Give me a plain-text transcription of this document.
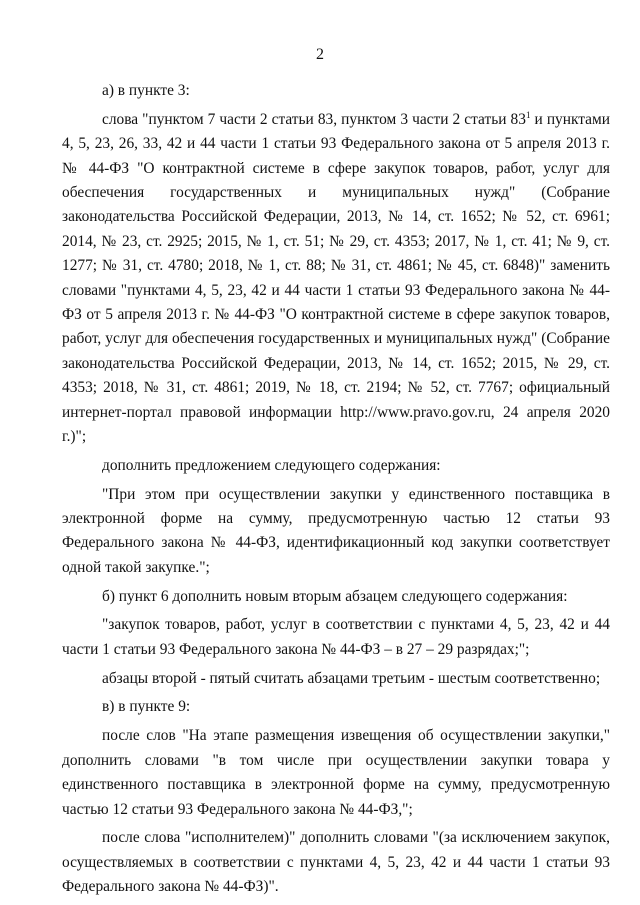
2

а) в пункте 3:

слова "пунктом 7 части 2 статьи 83, пунктом 3 части 2 статьи $83^1$ и пунктами 4, 5, 23, 26, 33, 42 и 44 части 1 статьи 93 Федерального закона от 5 апреля 2013 г. № 44-ФЗ "О контрактной системе в сфере закупок товаров, работ, услуг для обеспечения государственных и муниципальных нужд" (Собрание законодательства Российской Федерации, 2013, № 14, ст. 1652; № 52, ст. 6961; 2014, № 23, ст. 2925; 2015, № 1, ст. 51; № 29, ст. 4353; 2017, № 1, ст. 41; № 9, ст. 1277; № 31, ст. 4780; 2018, № 1, ст. 88; № 31, ст. 4861; № 45, ст. 6848)" заменить словами "пунктами 4, 5, 23, 42 и 44 части 1 статьи 93 Федерального закона № 44-ФЗ от 5 апреля 2013 г. № 44-ФЗ "О контрактной системе в сфере закупок товаров, работ, услуг для обеспечения государственных и муниципальных нужд" (Собрание законодательства Российской Федерации, 2013, № 14, ст. 1652; 2015, № 29, ст. 4353; 2018, № 31, ст. 4861; 2019, № 18, ст. 2194; № 52, ст. 7767; официальный интернет-портал правовой информации http://www.pravo.gov.ru, 24 апреля 2020 г.)";

дополнить предложением следующего содержания:

"При этом при осуществлении закупки у единственного поставщика в электронной форме на сумму, предусмотренную частью 12 статьи 93 Федерального закона № 44-ФЗ, идентификационный код закупки соответствует одной такой закупке.";

б) пункт 6 дополнить новым вторым абзацем следующего содержания:

"закупок товаров, работ, услуг в соответствии с пунктами 4, 5, 23, 42 и 44 части 1 статьи 93 Федерального закона № 44-ФЗ – в 27 – 29 разрядах;";

абзацы второй - пятый считать абзацами третьим - шестым соответственно;

в) в пункте 9:

после слов "На этапе размещения извещения об осуществлении закупки," дополнить словами "в том числе при осуществлении закупки товара у единственного поставщика в электронной форме на сумму, предусмотренную частью 12 статьи 93 Федерального закона № 44-ФЗ,";

после слова "исполнителем)" дополнить словами "(за исключением закупок, осуществляемых в соответствии с пунктами 4, 5, 23, 42 и 44 части 1 статьи 93 Федерального закона № 44-ФЗ)".
